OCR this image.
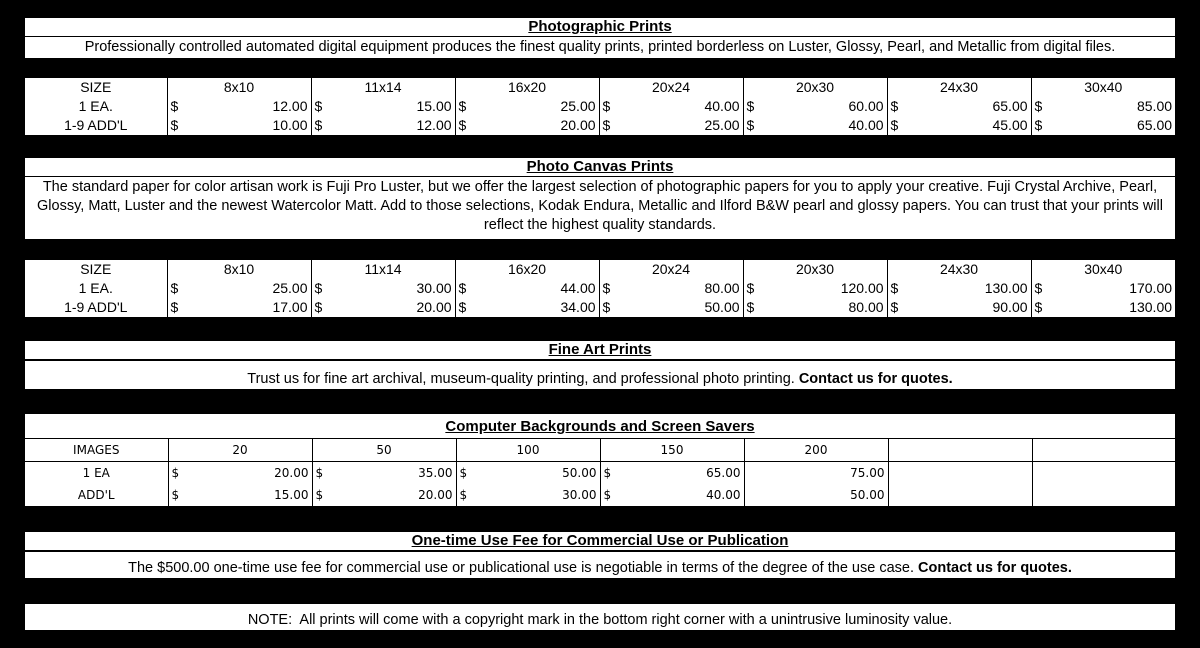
Photographic Prints
Professionally controlled automated digital equipment produces the finest quality prints, printed borderless on Luster, Glossy, Pearl, and Metallic from digital files.
SIZE	8x10		11x14		16x20		20x24		20x30		24x30		30x40	
1 EA.	$	12.00	$	15.00	$	25.00	$	40.00	$	60.00	$	65.00	$	85.00
1-9 ADD'L	$	10.00	$	12.00	$	20.00	$	25.00	$	40.00	$	45.00	$	65.00
Photo Canvas Prints
The standard paper for color artisan work is Fuji Pro Luster, but we offer the largest selection of photographic papers for you to apply your creative. Fuji Crystal Archive, Pearl, Glossy, Matt, Luster and the newest Watercolor Matt. Add to those selections, Kodak Endura, Metallic and Ilford B&W pearl and glossy papers. You can trust that your prints will reflect the highest quality standards.
SIZE	8x10		11x14		16x20		20x24		20x30		24x30		30x40	
1 EA.	$	25.00	$	30.00	$	44.00	$	80.00	$	120.00	$	130.00	$	170.00
1-9 ADD'L	$	17.00	$	20.00	$	34.00	$	50.00	$	80.00	$	90.00	$	130.00
Fine Art Prints
Trust us for fine art archival, museum-quality printing, and professional photo printing. Contact us for quotes.
Computer Backgrounds and Screen Savers
IMAGES	20	50	100	150	200		
1 EA	$ 20.00	$ 35.00	$ 50.00	$ 65.00	75.00		

ADD'L	$ 15.00	$ 20.00	$ 30.00	$ 40.00	50.00		

One-time Use Fee for Commercial Use or Publication
The $500.00 one-time use fee for commercial use or publicational use is negotiable in terms of the degree of the use case. Contact us for quotes.
NOTE:  All prints will come with a copyright mark in the bottom right corner with a unintrusive luminosity value.
